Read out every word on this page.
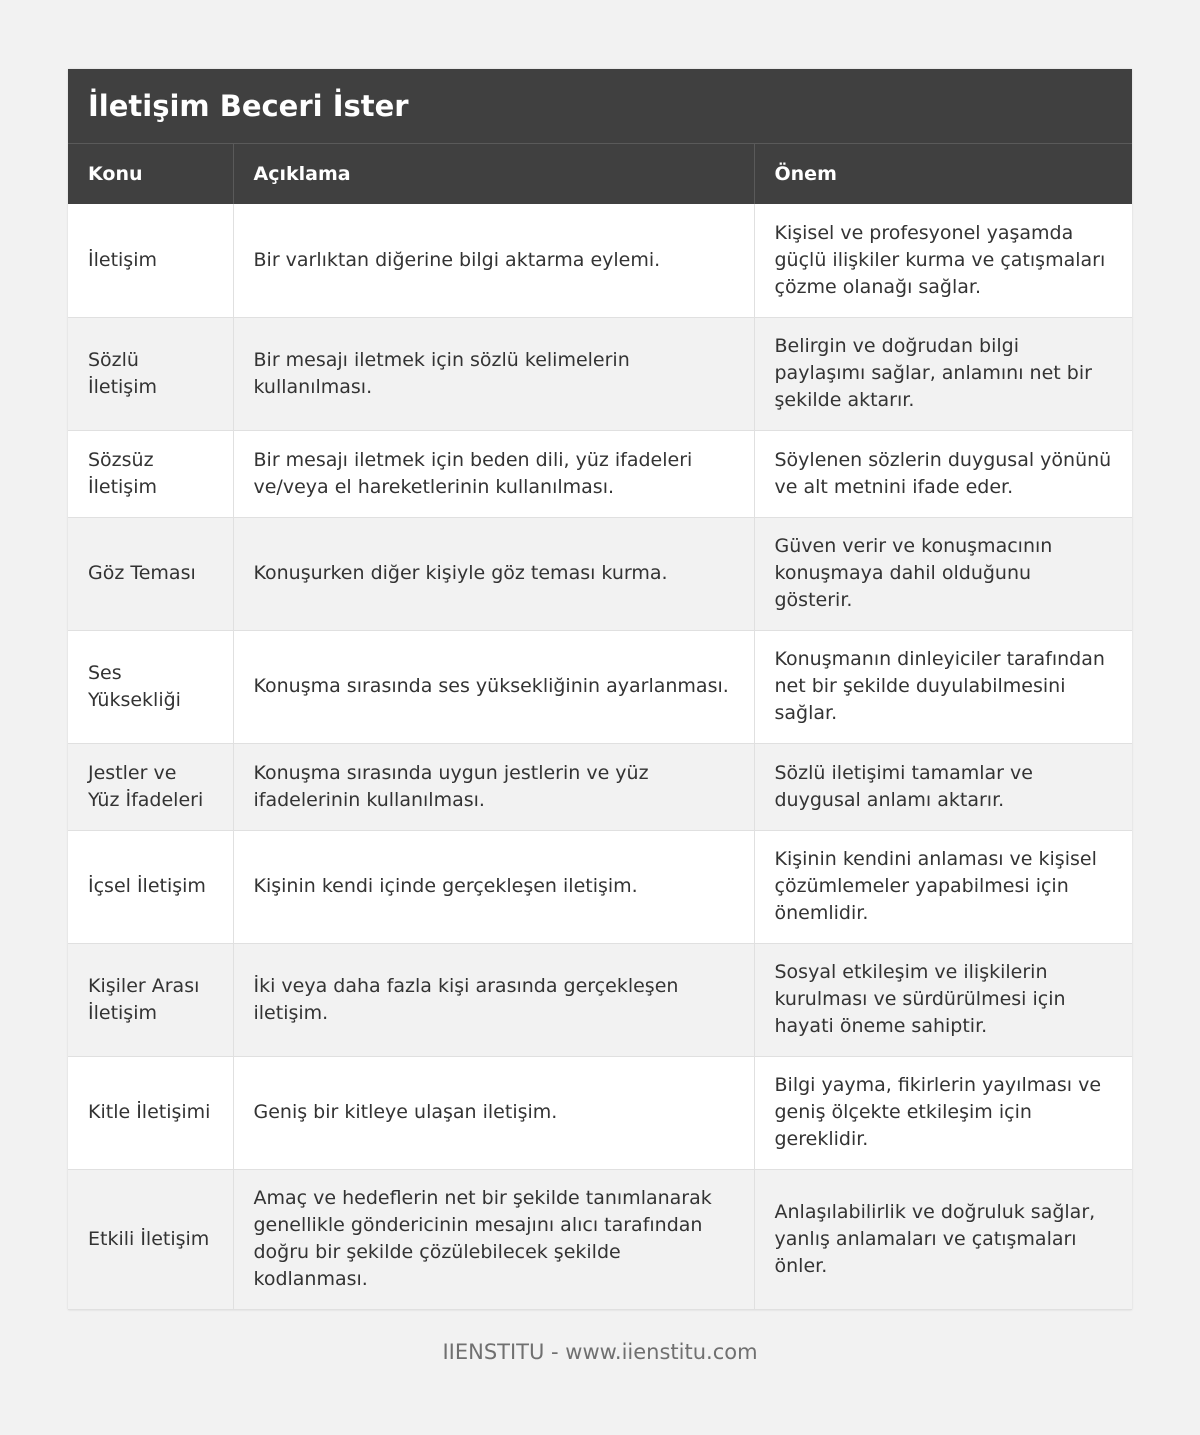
İletişim Beceri İster
Konu	Açıklama	Önem
İletişim	Bir varlıktan diğerine bilgi aktarma eylemi.	Kişisel ve profesyonel yaşamda güçlü ilişkiler kurma ve çatışmaları çözme olanağı sağlar.
Sözlü İletişim	Bir mesajı iletmek için sözlü kelimelerin kullanılması.	Belirgin ve doğrudan bilgi paylaşımı sağlar, anlamını net bir şekilde aktarır.
Sözsüz İletişim	Bir mesajı iletmek için beden dili, yüz ifadeleri ve/veya el hareketlerinin kullanılması.	Söylenen sözlerin duygusal yönünü ve alt metnini ifade eder.
Göz Teması	Konuşurken diğer kişiyle göz teması kurma.	Güven verir ve konuşmacının konuşmaya dahil olduğunu gösterir.
Ses Yüksekliği	Konuşma sırasında ses yüksekliğinin ayarlanması.	Konuşmanın dinleyiciler tarafından net bir şekilde duyulabilmesini sağlar.
Jestler ve Yüz İfadeleri	Konuşma sırasında uygun jestlerin ve yüz ifadelerinin kullanılması.	Sözlü iletişimi tamamlar ve duygusal anlamı aktarır.
İçsel İletişim	Kişinin kendi içinde gerçekleşen iletişim.	Kişinin kendini anlaması ve kişisel çözümlemeler yapabilmesi için önemlidir.
Kişiler Arası İletişim	İki veya daha fazla kişi arasında gerçekleşen iletişim.	Sosyal etkileşim ve ilişkilerin kurulması ve sürdürülmesi için hayati öneme sahiptir.
Kitle İletişimi	Geniş bir kitleye ulaşan iletişim.	Bilgi yayma, fikirlerin yayılması ve geniş ölçekte etkileşim için gereklidir.
Etkili İletişim	Amaç ve hedeflerin net bir şekilde tanımlanarak genellikle göndericinin mesajını alıcı tarafından doğru bir şekilde çözülebilecek şekilde kodlanması.	Anlaşılabilirlik ve doğruluk sağlar, yanlış anlamaları ve çatışmaları önler.
IIENSTITU - www.iienstitu.com
